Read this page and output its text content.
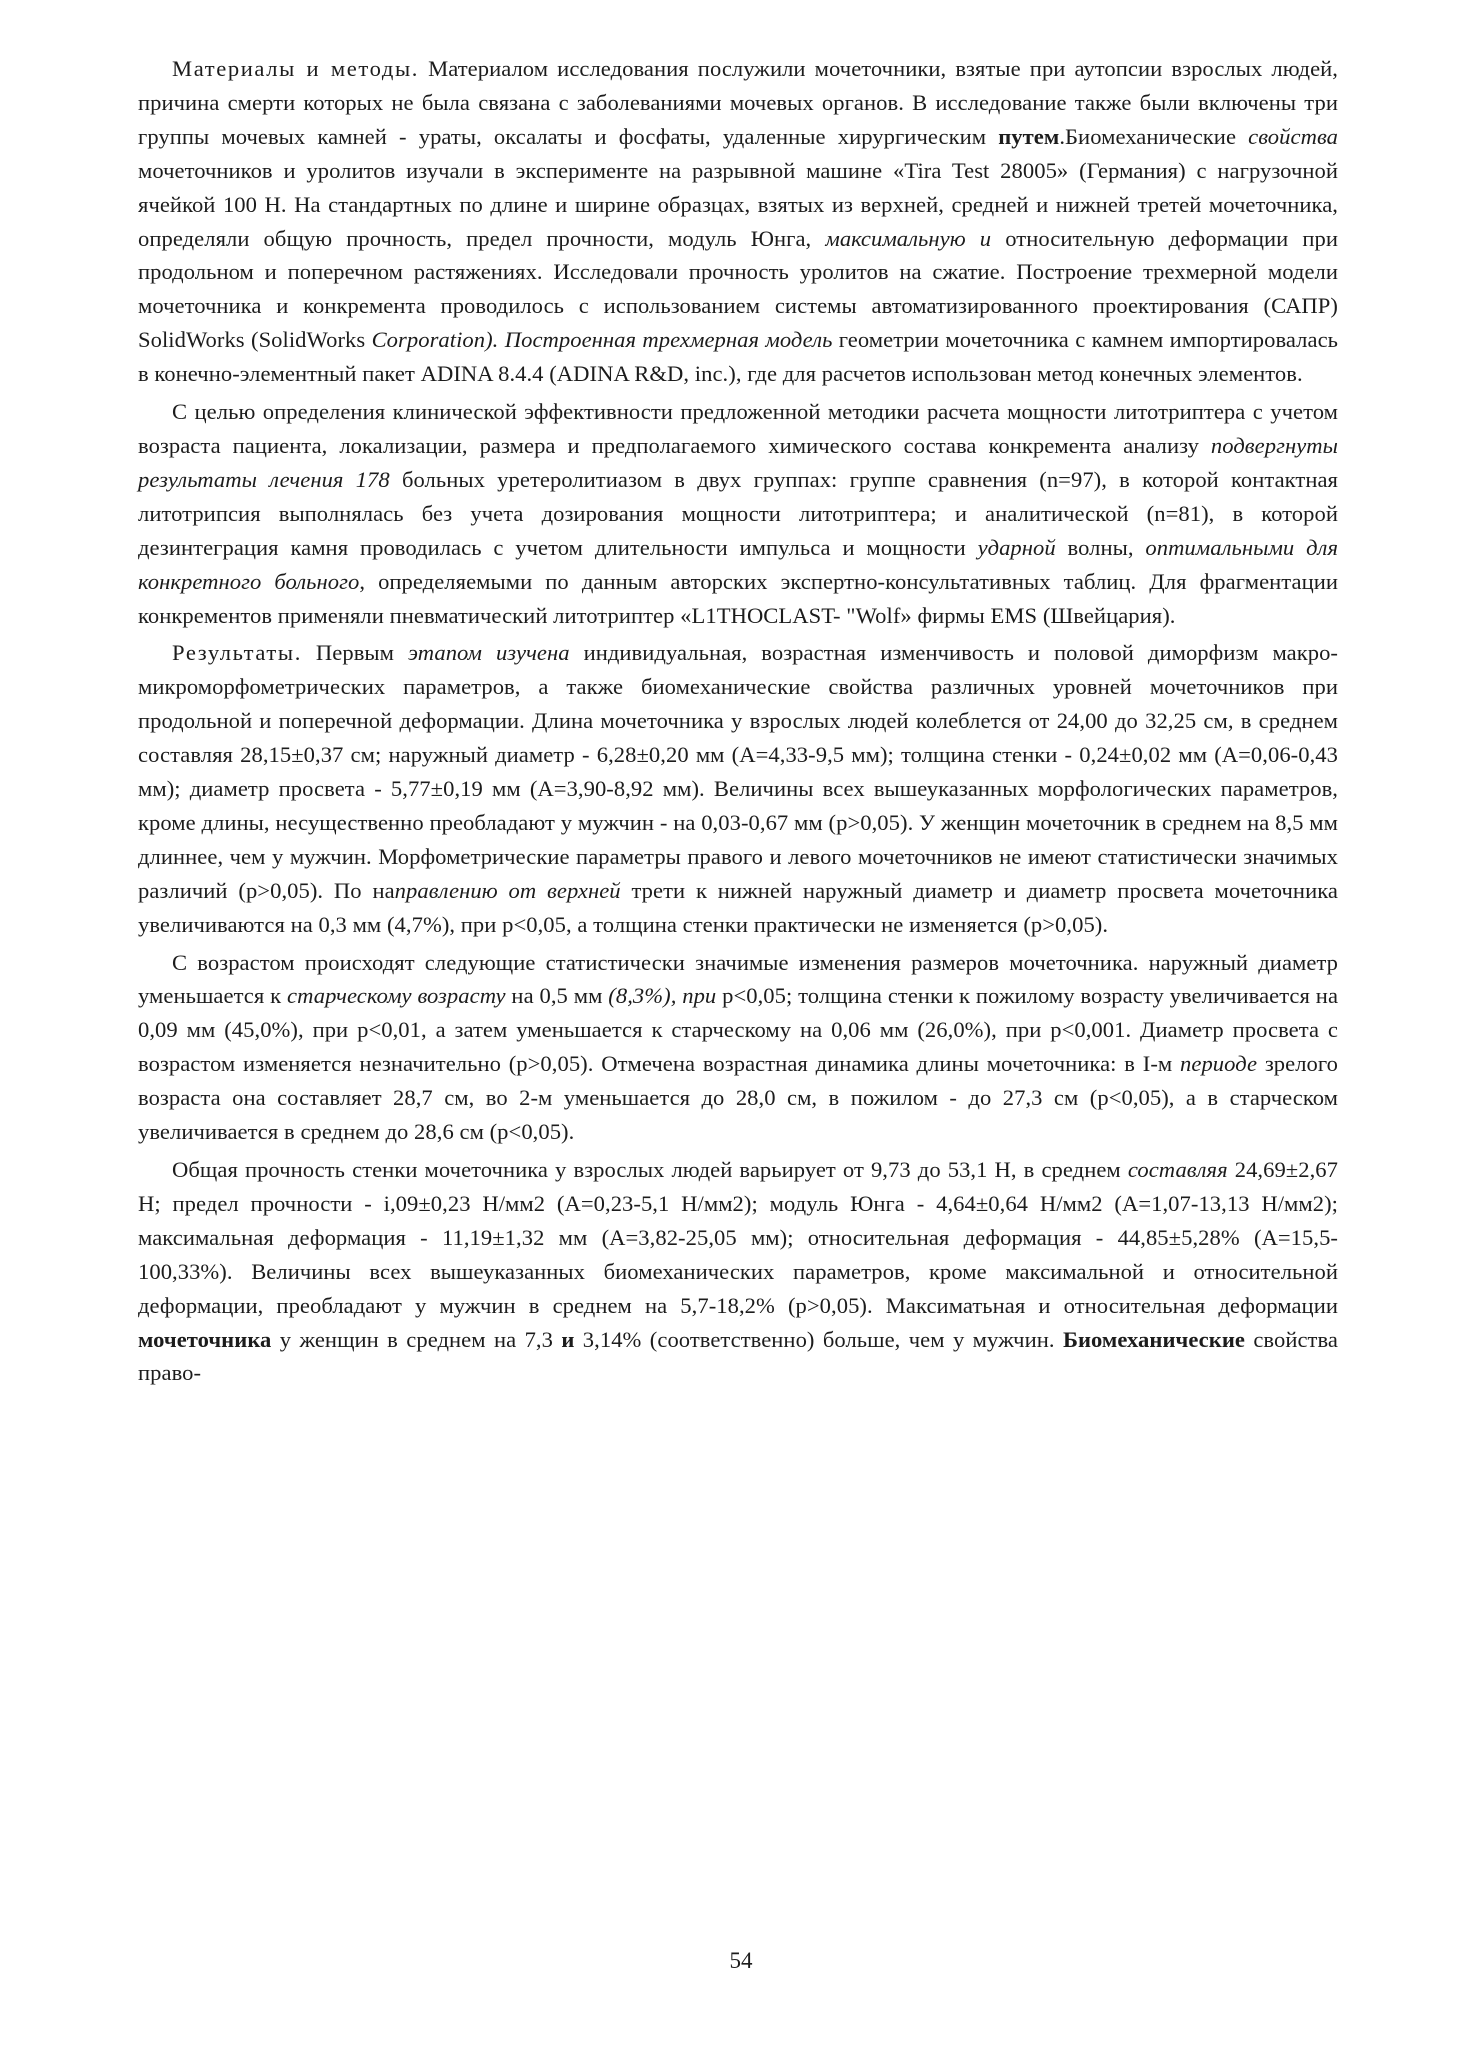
Материалы и методы. Материалом исследования послужили мочеточники, взятые при аутопсии взрослых людей, причина смерти которых не была связана с заболеваниями мочевых органов. В исследование также были включены три группы мочевых камней - ураты, оксалаты и фосфаты, удаленные хирургическим путем.Биомеханические свойства мочеточников и уролитов изучали в эксперименте на разрывной машине «Tira Test 28005» (Германия) с нагрузочной ячейкой 100 Н. На стандартных по длине и ширине образцах, взятых из верхней, средней и нижней третей мочеточника, определяли общую прочность, предел прочности, модуль Юнга, максимальную и относительную деформации при продольном и поперечном растяжениях. Исследовали прочность уролитов на сжатие. Построение трехмерной модели мочеточника и конкремента проводилось с использованием системы автоматизированного проектирования (САПР) SolidWorks (SolidWorks Corporation). Построенная трехмерная модель геометрии мочеточника с камнем импортировалась в конечно-элементный пакет ADINA 8.4.4 (ADINA R&D, inc.), где для расчетов использован метод конечных элементов.

С целью определения клинической эффективности предложенной методики расчета мощности литотриптера с учетом возраста пациента, локализации, размера и предполагаемого химического состава конкремента анализу подвергнуты результаты лечения 178 больных уретеролитиазом в двух группах: группе сравнения (n=97), в которой контактная литотрипсия выполнялась без учета дозирования мощности литотриптера; и аналитической (n=81), в которой дезинтеграция камня проводилась с учетом длительности импульса и мощности ударной волны, оптимальными для конкретного больного, определяемыми по данным авторских экспертно-консультативных таблиц. Для фрагментации конкрементов применяли пневматический литотриптер «L1THOCLAST- "Wolf» фирмы EMS (Швейцария).

Результаты. Первым этапом изучена индивидуальная, возрастная изменчивость и половой диморфизм макро-микроморфометрических параметров, а также биомеханические свойства различных уровней мочеточников при продольной и поперечной деформации. Длина мочеточника у взрослых людей колеблется от 24,00 до 32,25 см, в среднем составляя 28,15±0,37 см; наружный диаметр - 6,28±0,20 мм (А=4,33-9,5 мм); толщина стенки - 0,24±0,02 мм (А=0,06-0,43 мм); диаметр просвета - 5,77±0,19 мм (А=3,90-8,92 мм). Величины всех вышеуказанных морфологических параметров, кроме длины, несущественно преобладают у мужчин - на 0,03-0,67 мм (p>0,05). У женщин мочеточник в среднем на 8,5 мм длиннее, чем у мужчин. Морфометрические параметры правого и левого мочеточников не имеют статистически значимых различий (p>0,05). По направлению от верхней трети к нижней наружный диаметр и диаметр просвета мочеточника увеличиваются на 0,3 мм (4,7%), при р<0,05, а толщина стенки практически не изменяется (р>0,05).

С возрастом происходят следующие статистически значимые изменения размеров мочеточника. наружный диаметр уменьшается к старческому возрасту на 0,5 мм (8,3%), при р<0,05; толщина стенки к пожилому возрасту увеличивается на 0,09 мм (45,0%), при р<0,01, а затем уменьшается к старческому на 0,06 мм (26,0%), при р<0,001. Диаметр просвета с возрастом изменяется незначительно (р>0,05). Отмечена возрастная динамика длины мочеточника: в I-м периоде зрелого возраста она составляет 28,7 см, во 2-м уменьшается до 28,0 см, в пожилом - до 27,3 см (р<0,05), а в старческом увеличивается в среднем до 28,6 см (р<0,05).

Общая прочность стенки мочеточника у взрослых людей варьирует от 9,73 до 53,1 Н, в среднем составляя 24,69±2,67 Н; предел прочности - i,09±0,23 Н/мм2 (А=0,23-5,1 Н/мм2); модуль Юнга - 4,64±0,64 Н/мм2 (А=1,07-13,13 Н/мм2); максимальная деформация - 11,19±1,32 мм (А=3,82-25,05 мм); относительная деформация - 44,85±5,28% (А=15,5-100,33%). Величины всех вышеуказанных биомеханических параметров, кроме максимальной и относительной деформации, преобладают у мужчин в среднем на 5,7-18,2% (р>0,05). Максиматьная и относительная деформации мочеточника у женщин в среднем на 7,3 и 3,14% (соответственно) больше, чем у мужчин. Биомеханические свойства право-

54
